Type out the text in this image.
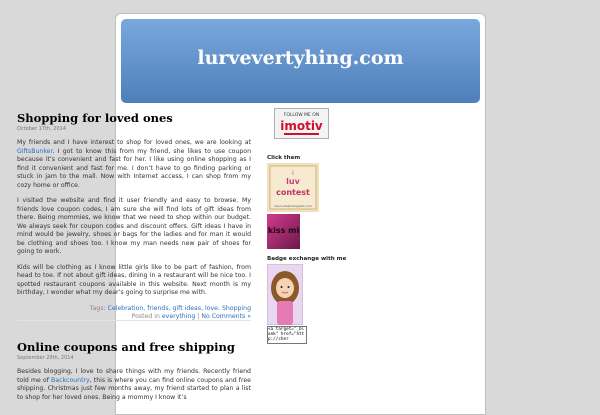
lurvevertyhing.com
Shopping for loved ones
October 17th, 2014

My friends and I have interest to shop for loved ones, we are looking at GiftsBunker. I got to know this from my friend, she likes to use coupon because it’s convenient and fast for her. I like using online shopping as I find it convenient and fast for me. I don’t have to go finding parking or stuck in jam to the mall. Now with Internet access, I can shop from my cozy home or office.

I visited the website and find it user friendly and easy to browse. My friends love coupon codes, I am sure she will find lots of gift ideas from there. Being mommies, we know that we need to shop within our budget. We always seek for coupon codes and discount offers. Gift ideas I have in mind would be jewelry, shoes or bags for the ladies and for man it would be clothing and shoes too. I know my man needs new pair of shoes for going to work.

Kids will be clothing as I know little girls like to be part of fashion, from head to toe. If not about gift ideas, dining in a restaurant will be nice too. I spotted restaurant coupons available in this website. Next month is my birthday, I wonder what my dear’s going to surprise me with.

Tags: Celebration, friends, gift ideas, love, Shopping
Posted in everything | No Comments »
Online coupons and free shipping
September 29th, 2014

Besides blogging, I love to share things with my friends. Recently friend told me of Backcountry, this is where you can find online coupons and free shipping. Christmas just few months away, my friend started to plan a list to shop for her loved ones. Being a mommy I know it’s

FOLLOW ME ON
imotiv
Click them
i
luv
contest
iluvcontest.blogspot.com
kiss mi
Badge exchange with me
<a target="_blank" href="http://cher
